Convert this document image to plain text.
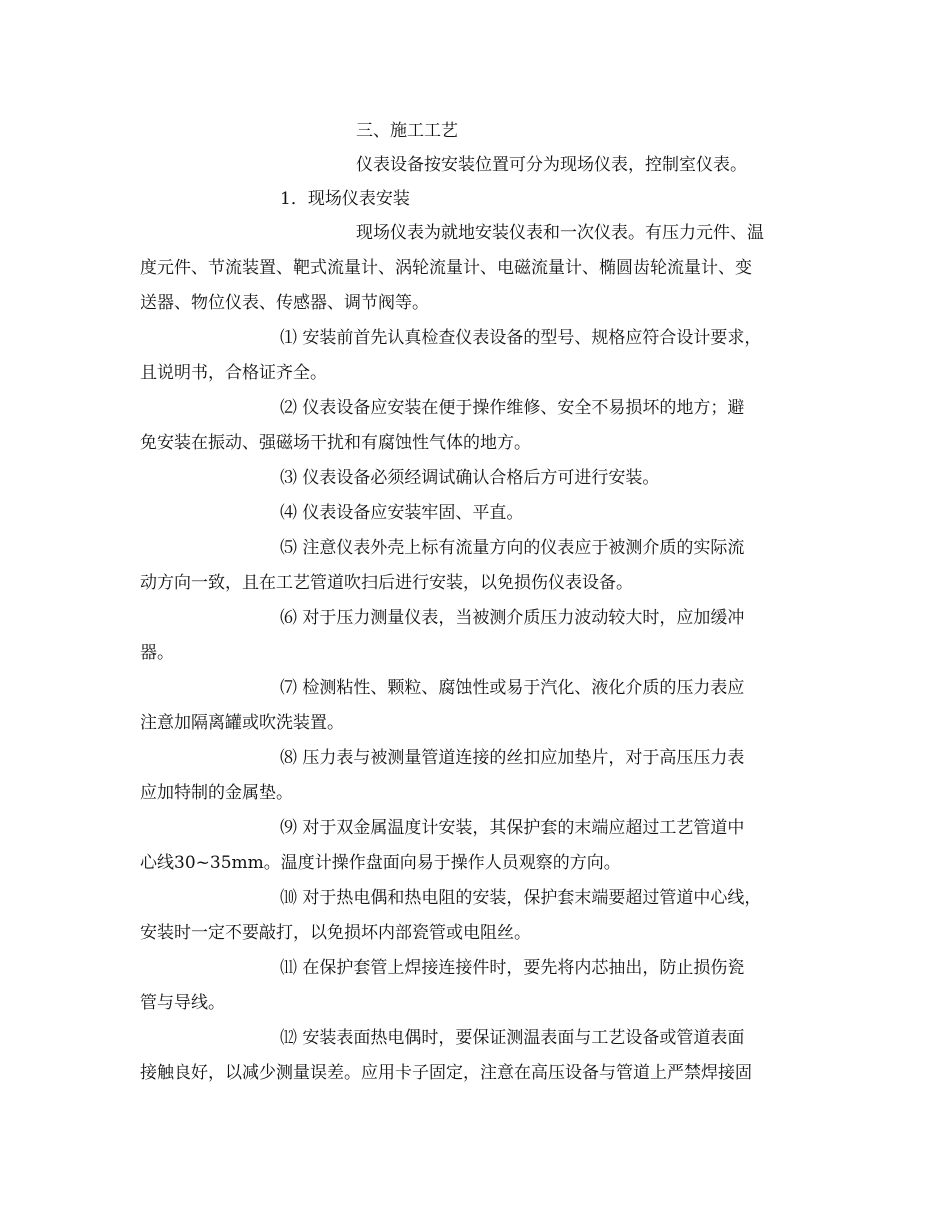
三、施工工艺
仪表设备按安装位置可分为现场仪表，控制室仪表。
1．现场仪表安装
现场仪表为就地安装仪表和一次仪表。有压力元件、温
度元件、节流装置、靶式流量计、涡轮流量计、电磁流量计、椭圆齿轮流量计、变
送器、物位仪表、传感器、调节阀等。
⑴ 安装前首先认真检查仪表设备的型号、规格应符合设计要求，
且说明书，合格证齐全。
⑵ 仪表设备应安装在便于操作维修、安全不易损坏的地方；避
免安装在振动、强磁场干扰和有腐蚀性气体的地方。
⑶ 仪表设备必须经调试确认合格后方可进行安装。
⑷ 仪表设备应安装牢固、平直。
⑸ 注意仪表外壳上标有流量方向的仪表应于被测介质的实际流
动方向一致，且在工艺管道吹扫后进行安装，以免损伤仪表设备。
⑹ 对于压力测量仪表，当被测介质压力波动较大时，应加缓冲
器。
⑺ 检测粘性、颗粒、腐蚀性或易于汽化、液化介质的压力表应
注意加隔离罐或吹洗装置。
⑻ 压力表与被测量管道连接的丝扣应加垫片，对于高压压力表
应加特制的金属垫。
⑼ 对于双金属温度计安装，其保护套的末端应超过工艺管道中
心线30~35mm。温度计操作盘面向易于操作人员观察的方向。
⑽ 对于热电偶和热电阻的安装，保护套末端要超过管道中心线，
安装时一定不要敲打，以免损坏内部瓷管或电阻丝。
⑾ 在保护套管上焊接连接件时，要先将内芯抽出，防止损伤瓷
管与导线。
⑿ 安装表面热电偶时，要保证测温表面与工艺设备或管道表面
接触良好，以减少测量误差。应用卡子固定，注意在高压设备与管道上严禁焊接固
